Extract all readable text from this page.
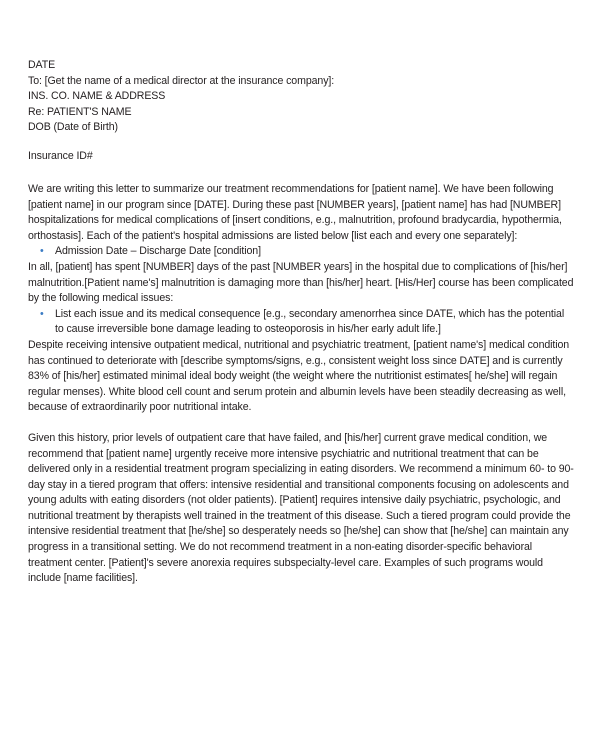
DATE
To: [Get the name of a medical director at the insurance company]:
INS. CO. NAME & ADDRESS
Re: PATIENT'S NAME
DOB (Date of Birth)
Insurance ID#
We are writing this letter to summarize our treatment recommendations for [patient name]. We have been following [patient name] in our program since [DATE]. During these past [NUMBER years], [patient name] has had [NUMBER] hospitalizations for medical complications of [insert conditions, e.g., malnutrition, profound bradycardia, hypothermia, orthostasis]. Each of the patient's hospital admissions are listed below [list each and every one separately]:
• Admission Date – Discharge Date [condition]
In all, [patient] has spent [NUMBER] days of the past [NUMBER years] in the hospital due to complications of [his/her] malnutrition.[Patient name's] malnutrition is damaging more than [his/her] heart. [His/Her] course has been complicated by the following medical issues:
• List each issue and its medical consequence [e.g., secondary amenorrhea since DATE, which has the potential to cause irreversible bone damage leading to osteoporosis in his/her early adult life.]
Despite receiving intensive outpatient medical, nutritional and psychiatric treatment, [patient name's] medical condition has continued to deteriorate with [describe symptoms/signs, e.g., consistent weight loss since DATE] and is currently 83% of [his/her] estimated minimal ideal body weight (the weight where the nutritionist estimates[ he/she] will regain regular menses). White blood cell count and serum protein and albumin levels have been steadily decreasing as well, because of extraordinarily poor nutritional intake.
Given this history, prior levels of outpatient care that have failed, and [his/her] current grave medical condition, we recommend that [patient name] urgently receive more intensive psychiatric and nutritional treatment that can be delivered only in a residential treatment program specializing in eating disorders. We recommend a minimum 60- to 90-day stay in a tiered program that offers: intensive residential and transitional components focusing on adolescents and young adults with eating disorders (not older patients). [Patient] requires intensive daily psychiatric, psychologic, and nutritional treatment by therapists well trained in the treatment of this disease. Such a tiered program could provide the intensive residential treatment that [he/she] so desperately needs so [he/she] can show that [he/she] can maintain any progress in a transitional setting. We do not recommend treatment in a non-eating disorder-specific behavioral treatment center. [Patient]'s severe anorexia requires subspecialty-level care. Examples of such programs would include [name facilities].
